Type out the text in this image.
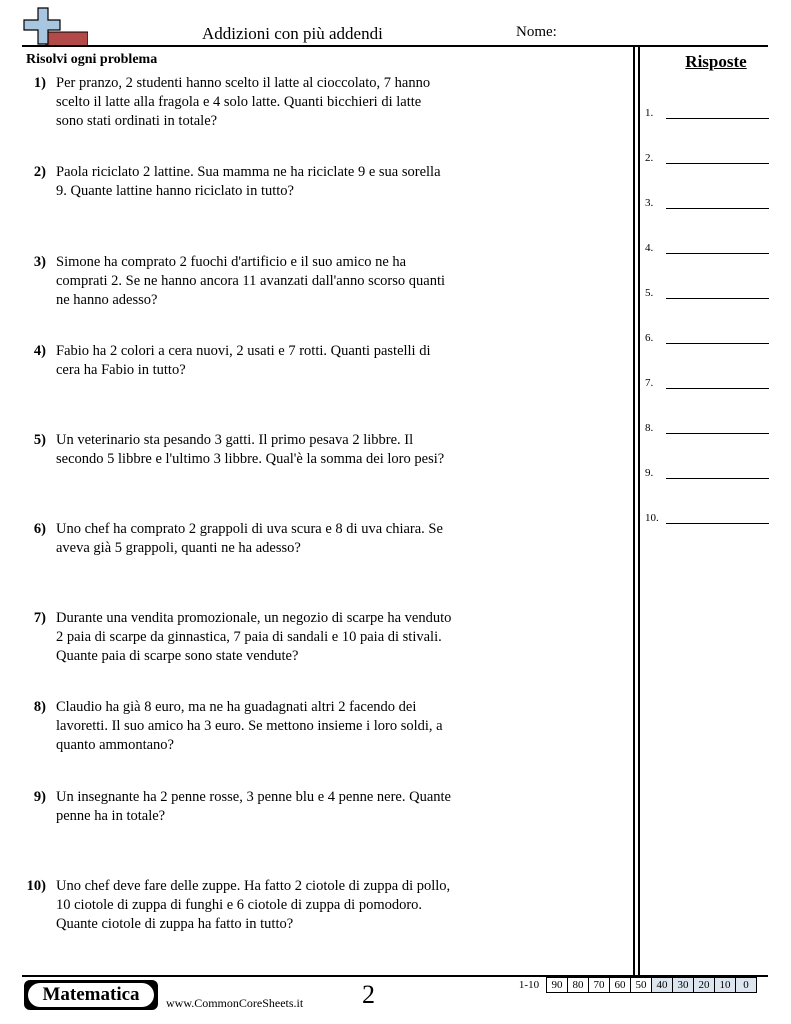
Addizioni con più addendi	Nome:
Risolvi ogni problema	Risposte
1) Per pranzo, 2 studenti hanno scelto il latte al cioccolato, 7 hanno scelto il latte alla fragola e 4 solo latte. Quanti bicchieri di latte sono stati ordinati in totale?
2) Paola riciclato 2 lattine. Sua mamma ne ha riciclate 9 e sua sorella 9. Quante lattine hanno riciclato in tutto?
3) Simone ha comprato 2 fuochi d'artificio e il suo amico ne ha comprati 2. Se ne hanno ancora 11 avanzati dall'anno scorso quanti ne hanno adesso?
4) Fabio ha 2 colori a cera nuovi, 2 usati e 7 rotti. Quanti pastelli di cera ha Fabio in tutto?
5) Un veterinario sta pesando 3 gatti. Il primo pesava 2 libbre. Il secondo 5 libbre e l'ultimo 3 libbre. Qual'è la somma dei loro pesi?
6) Uno chef ha comprato 2 grappoli di uva scura e 8 di uva chiara. Se aveva già 5 grappoli, quanti ne ha adesso?
7) Durante una vendita promozionale, un negozio di scarpe ha venduto 2 paia di scarpe da ginnastica, 7 paia di sandali e 10 paia di stivali. Quante paia di scarpe sono state vendute?
8) Claudio ha già 8 euro, ma ne ha guadagnati altri 2 facendo dei lavoretti. Il suo amico ha 3 euro. Se mettono insieme i loro soldi, a quanto ammontano?
9) Un insegnante ha 2 penne rosse, 3 penne blu e 4 penne nere. Quante penne ha in totale?
10) Uno chef deve fare delle zuppe. Ha fatto 2 ciotole di zuppa di pollo, 10 ciotole di zuppa di funghi e 6 ciotole di zuppa di pomodoro. Quante ciotole di zuppa ha fatto in tutto?
1.
2.
3.
4.
5.
6.
7.
8.
9.
10.
Matematica	www.CommonCoreSheets.it 2	1-10	90	80	70	60	50	40	30	20	10	0
